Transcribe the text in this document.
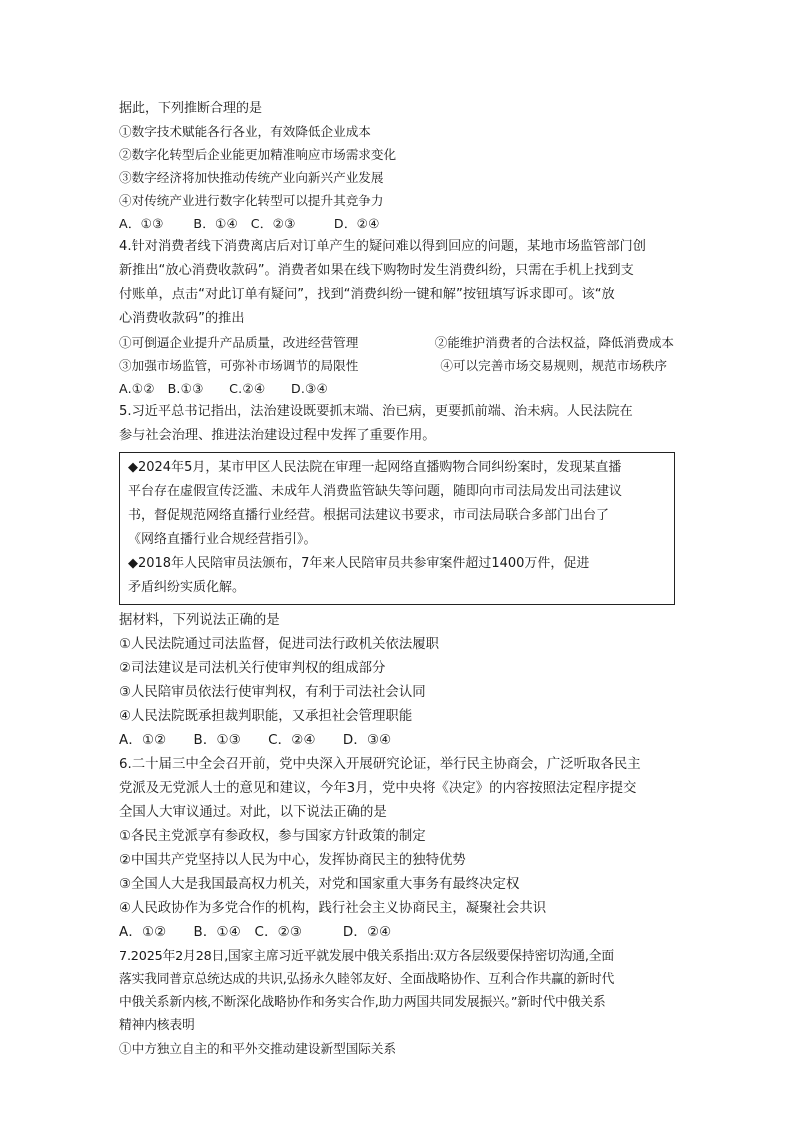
据此，下列推断合理的是
①数字技术赋能各行各业，有效降低企业成本
②数字化转型后企业能更加精准响应市场需求变化
③数字经济将加快推动传统产业向新兴产业发展
④对传统产业进行数字化转型可以提升其竞争力
A．①③　　 B．①④　C．②③　　　D．②④
4.针对消费者线下消费离店后对订单产生的疑问难以得到回应的问题，某地市场监管部门创
新推出“放心消费收款码”。消费者如果在线下购物时发生消费纠纷，只需在手机上找到支
付账单，点击“对此订单有疑问”，找到“消费纠纷一键和解”按钮填写诉求即可。该“放
心消费收款码”的推出
①可倒逼企业提升产品质量，改进经营管理	②能维护消费者的合法权益，降低消费成本
③加强市场监管，可弥补市场调节的局限性	④可以完善市场交易规则，规范市场秩序
A.①②　B.①③　　C.②④　　D.③④
5.习近平总书记指出，法治建设既要抓末端、治已病，更要抓前端、治未病。人民法院在
参与社会治理、推进法治建设过程中发挥了重要作用。
◆2024年5月，某市甲区人民法院在审理一起网络直播购物合同纠纷案时，发现某直播
平台存在虚假宣传泛滥、未成年人消费监管缺失等问题，随即向市司法局发出司法建议
书，督促规范网络直播行业经营。根据司法建议书要求，市司法局联合多部门出台了
《网络直播行业合规经营指引》。
◆2018年人民陪审员法颁布，7年来人民陪审员共参审案件超过1400万件，促进
矛盾纠纷实质化解。
据材料，下列说法正确的是
①人民法院通过司法监督，促进司法行政机关依法履职
②司法建议是司法机关行使审判权的组成部分
③人民陪审员依法行使审判权，有利于司法社会认同
④人民法院既承担裁判职能，又承担社会管理职能
A．①②　　B．①③　　C．②④　　D．③④
6.二十届三中全会召开前，党中央深入开展研究论证，举行民主协商会，广泛听取各民主
党派及无党派人士的意见和建议，今年3月，党中央将《决定》的内容按照法定程序提交
全国人大审议通过。对此，以下说法正确的是
①各民主党派享有参政权，参与国家方针政策的制定
②中国共产党坚持以人民为中心，发挥协商民主的独特优势
③全国人大是我国最高权力机关，对党和国家重大事务有最终决定权
④人民政协作为多党合作的机构，践行社会主义协商民主，凝聚社会共识
A．①②　　B．①④　C．②③　　　D．②④
7.2025年2月28日,国家主席习近平就发展中俄关系指出:双方各层级要保持密切沟通,全面
落实我同普京总统达成的共识,弘扬永久睦邻友好、全面战略协作、互利合作共赢的新时代
中俄关系新内核,不断深化战略协作和务实合作,助力两国共同发展振兴。”新时代中俄关系
精神内核表明
①中方独立自主的和平外交推动建设新型国际关系
